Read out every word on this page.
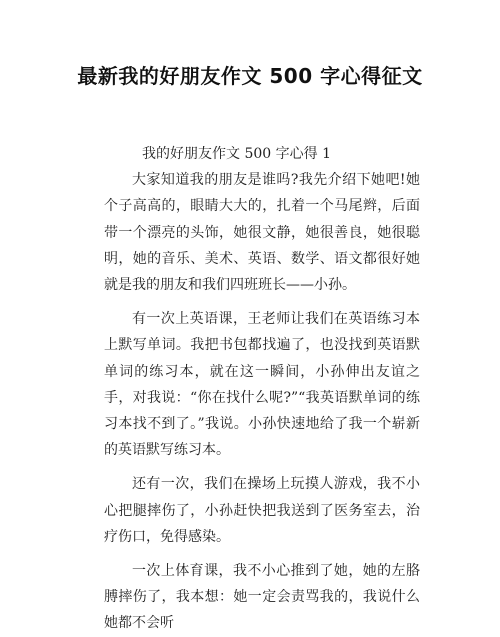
最新我的好朋友作文 500 字心得征文

我的好朋友作文 500 字心得 1

大家知道我的朋友是谁吗?我先介绍下她吧!她个子高高的，眼睛大大的，扎着一个马尾辫，后面带一个漂亮的头饰，她很文静，她很善良，她很聪明，她的音乐、美术、英语、数学、语文都很好她就是我的朋友和我们四班班长——小孙。

有一次上英语课，王老师让我们在英语练习本上默写单词。我把书包都找遍了，也没找到英语默单词的练习本，就在这一瞬间，小孙伸出友谊之手，对我说：“你在找什么呢?”“我英语默单词的练习本找不到了。”我说。小孙快速地给了我一个崭新的英语默写练习本。

还有一次，我们在操场上玩摸人游戏，我不小心把腿摔伤了，小孙赶快把我送到了医务室去，治疗伤口，免得感染。

一次上体育课，我不小心推到了她，她的左胳膊摔伤了，我本想：她一定会责骂我的，我说什么她都不会听
